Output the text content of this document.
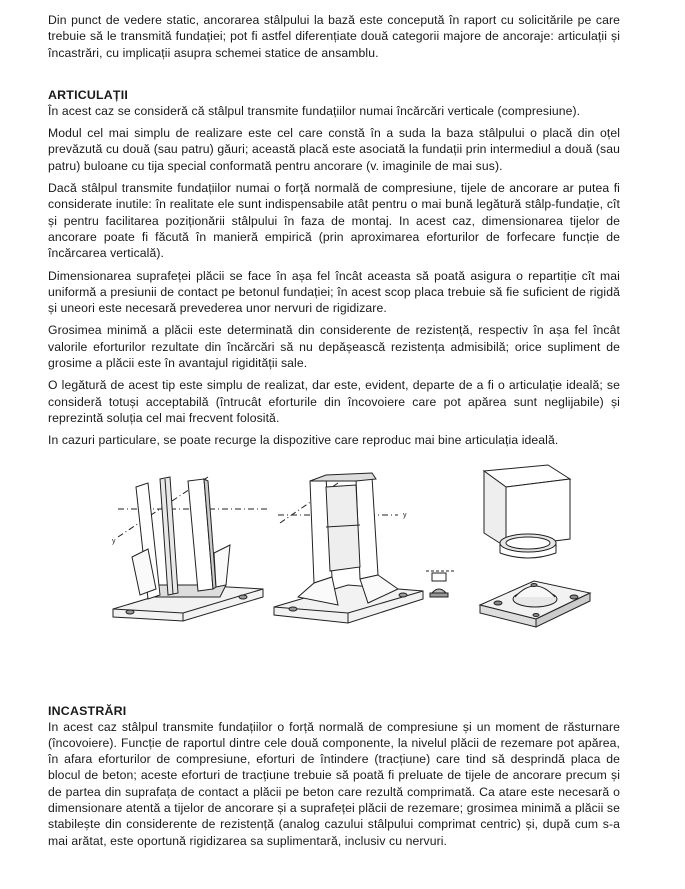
Din punct de vedere static, ancorarea stâlpului la bază este concepută în raport cu solicitările pe care trebuie să le transmită fundației; pot fi astfel diferențiate două categorii majore de ancoraje: articulații și încastrări, cu implicații asupra schemei statice de ansamblu.

ARTICULAȚII

În acest caz se consideră că stâlpul transmite fundațiilor numai încărcări verticale (compresiune).

Modul cel mai simplu de realizare este cel care constă în a suda la baza stâlpului o placă din oțel prevăzută cu două (sau patru) găuri; această placă este asociată la fundații prin intermediul a două (sau patru) buloane cu tija special conformată pentru ancorare (v. imaginile de mai sus).

Dacă stâlpul transmite fundațiilor numai o forță normală de compresiune, tijele de ancorare ar putea fi considerate inutile: în realitate ele sunt indispensabile atât pentru o mai bună legătură stâlp-fundație, cît și pentru facilitarea poziționării stâlpului în faza de montaj. In acest caz, dimensionarea tijelor de ancorare poate fi făcută în manieră empirică (prin aproximarea eforturilor de forfecare funcție de încărcarea verticală).

Dimensionarea suprafeței plăcii se face în așa fel încât aceasta să poată asigura o repartiție cît mai uniformă a presiunii de contact pe betonul fundației; în acest scop placa trebuie să fie suficient de rigidă și uneori este necesară prevederea unor nervuri de rigidizare.

Grosimea minimă a plăcii este determinată din considerente de rezistență, respectiv în așa fel încât valorile eforturilor rezultate din încărcări să nu depășească rezistența admisibilă; orice supliment de grosime a plăcii este în avantajul rigidității sale.

O legătură de acest tip este simplu de realizat, dar este, evident, departe de a fi o articulație ideală; se consideră totuși acceptabilă (întrucât eforturile din încovoiere care pot apărea sunt neglijabile) și reprezintă soluția cel mai frecvent folosită.

In cazuri particulare, se poate recurge la dispozitive care reproduc mai bine articulația ideală.

y
y
INCASTRĂRI

In acest caz stâlpul transmite fundațiilor o forță normală de compresiune și un moment de răsturnare (încovoiere). Funcție de raportul dintre cele două componente, la nivelul plăcii de rezemare pot apărea, în afara eforturilor de compresiune, eforturi de întindere (tracțiune) care tind să desprindă placa de blocul de beton; aceste eforturi de tracțiune trebuie să poată fi preluate de tijele de ancorare precum și de partea din suprafața de contact a plăcii pe beton care rezultă comprimată. Ca atare este necesară o dimensionare atentă a tijelor de ancorare și a suprafeței plăcii de rezemare; grosimea minimă a plăcii se stabilește din considerente de rezistență (analog cazului stâlpului comprimat centric) și, după cum s-a mai arătat, este oportună rigidizarea sa suplimentară, inclusiv cu nervuri.
